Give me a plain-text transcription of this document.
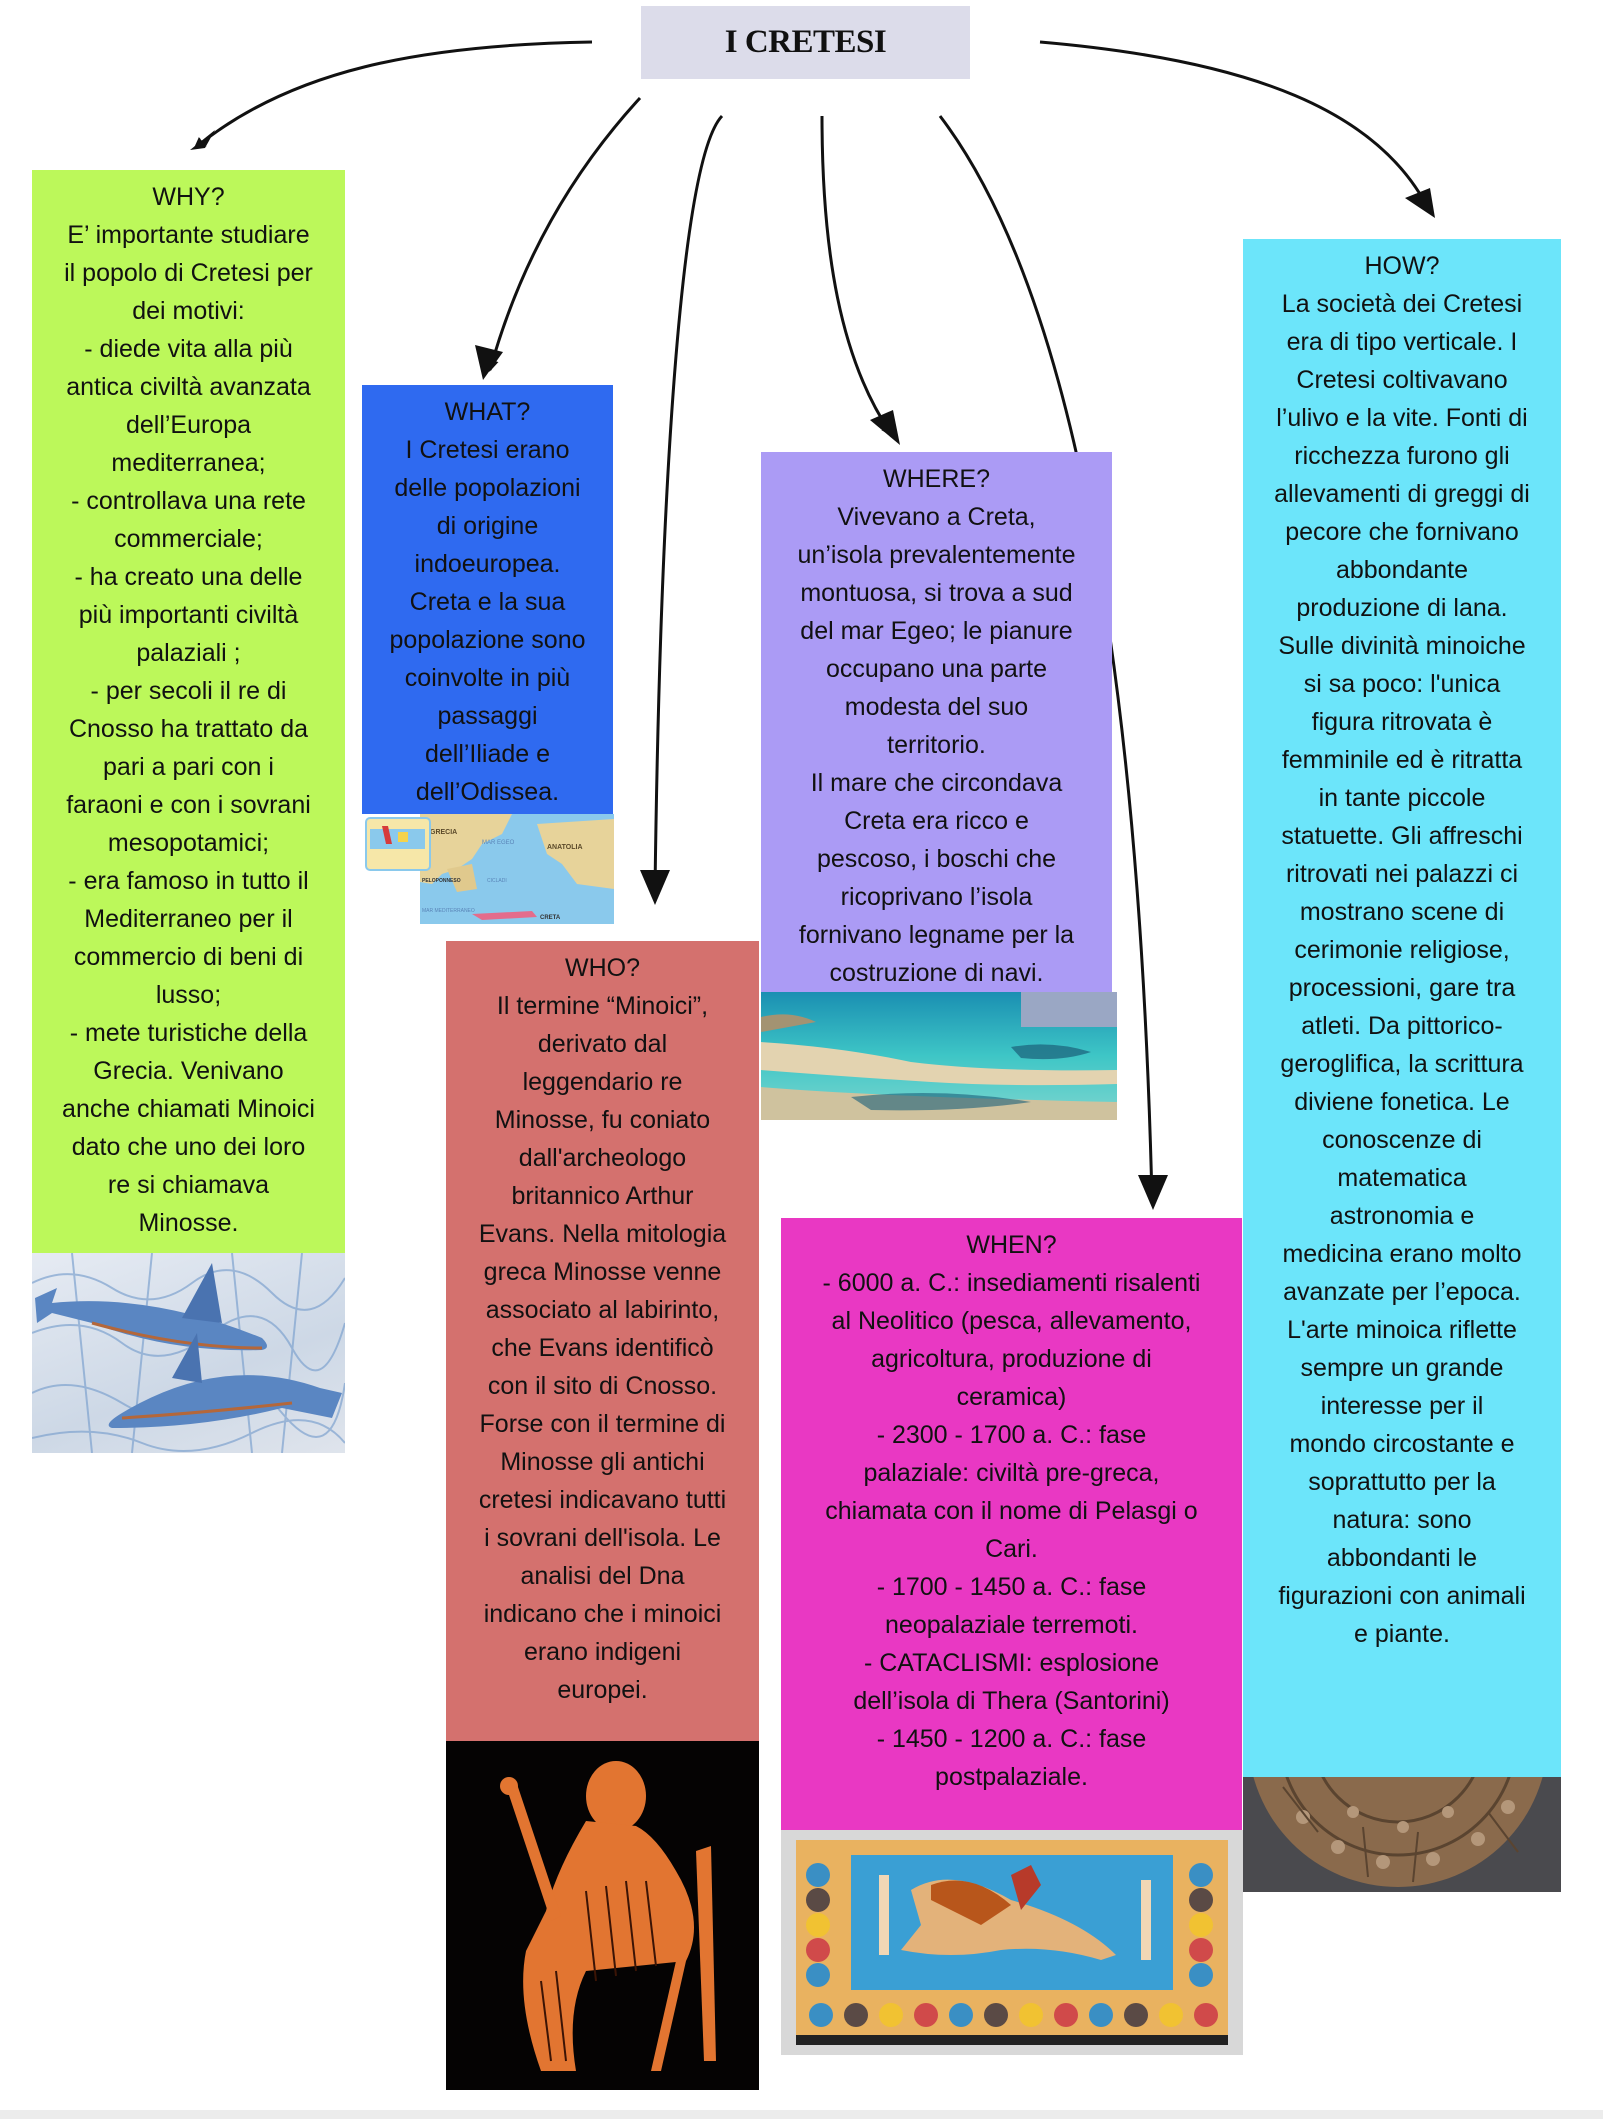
I CRETESI
WHY?
E’ importante studiare
il popolo di Cretesi per
dei motivi:
- diede vita alla più
antica civiltà avanzata
dell’Europa
mediterranea;
- controllava una rete
commerciale;
- ha creato una delle
più importanti civiltà
palaziali ;
- per secoli il re di
Cnosso ha trattato da
pari a pari con i
faraoni e con i sovrani
mesopotamici;
- era famoso in tutto il
Mediterraneo per il
commercio di beni di
lusso;
- mete turistiche della
Grecia. Venivano
anche chiamati Minoici
dato che uno dei loro
re si chiamava
Minosse.
WHAT?
I Cretesi erano
delle popolazioni
di origine
indoeuropea.
Creta e la sua
popolazione sono
coinvolte in più
passaggi
dell’Iliade e
dell’Odissea.
GRECIA
MAR EGEO
ANATOLIA
PELOPONNESO	CICLADI
MAR MEDITERRANEO
CRETA
WHERE?
Vivevano a Creta,
un’isola prevalentemente
montuosa, si trova a sud
del mar Egeo; le pianure
occupano una parte
modesta del suo
territorio.
Il mare che circondava
Creta era ricco e
pescoso, i boschi che
ricoprivano l’isola
fornivano legname per la
costruzione di navi.
WHO?
Il termine “Minoici”,
derivato dal
leggendario re
Minosse, fu coniato
dall'archeologo
britannico Arthur
Evans. Nella mitologia
greca Minosse venne
associato al labirinto,
che Evans identificò
con il sito di Cnosso.
Forse con il termine di
Minosse gli antichi
cretesi indicavano tutti
i sovrani dell'isola. Le
analisi del Dna
indicano che i minoici
erano indigeni
europei.
WHEN?
- 6000 a. C.: insediamenti risalenti
al Neolitico (pesca, allevamento,
agricoltura, produzione di
ceramica)
- 2300 - 1700 a. C.: fase
palaziale: civiltà pre-greca,
chiamata con il nome di Pelasgi o
Cari.
- 1700 - 1450 a. C.: fase
neopalaziale terremoti.
- CATACLISMI: esplosione
dell’isola di Thera (Santorini)
- 1450 - 1200 a. C.: fase
postpalaziale.
HOW?
La società dei Cretesi
era di tipo verticale. I
Cretesi coltivavano
l’ulivo e la vite. Fonti di
ricchezza furono gli
allevamenti di greggi di
pecore che fornivano
abbondante
produzione di lana.
Sulle divinità minoiche
si sa poco: l'unica
figura ritrovata è
femminile ed è ritratta
in tante piccole
statuette. Gli affreschi
ritrovati nei palazzi ci
mostrano scene di
cerimonie religiose,
processioni, gare tra
atleti. Da pittorico-
geroglifica, la scrittura
diviene fonetica. Le
conoscenze di
matematica
astronomia e
medicina erano molto
avanzate per l’epoca.
L'arte minoica riflette
sempre un grande
interesse per il
mondo circostante e
soprattutto per la
natura: sono
abbondanti le
figurazioni con animali
e piante.
